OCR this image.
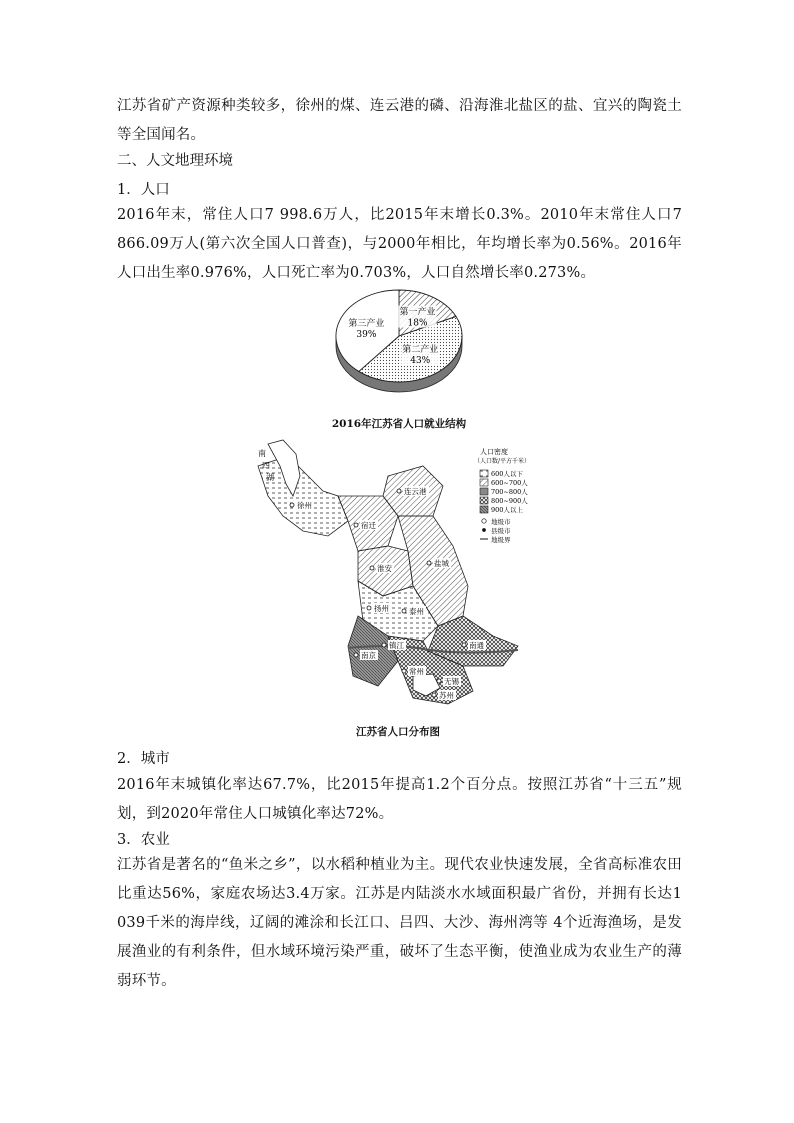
江苏省矿产资源种类较多，徐州的煤、连云港的磷、沿海淮北盐区的盐、宜兴的陶瓷土等全国闻名。
二、人文地理环境
1．人口
2016年末，常住人口7 998.6万人，比2015年末增长0.3%。2010年末常住人口7 866.09万人(第六次全国人口普查)，与2000年相比，年均增长率为0.56%。2016年人口出生率0.976%，人口死亡率为0.703%，人口自然增长率0.273%。
第一产业
18%
第二产业
43%
第三产业
39%
2016年江苏省人口就业结构
南
四
湖
连云港
徐州
宿迁
淮安
盐城
扬州	泰州
南通
南京
镇江
常州
无锡
苏州
人口密度
（人口数/平方千米）
600人以下
600~700人
700~800人
800~900人
900人以上
地级市
县级市
地级界
江苏省人口分布图
2．城市
2016年末城镇化率达67.7%，比2015年提高1.2个百分点。按照江苏省“十三五”规划，到2020年常住人口城镇化率达72%。
3．农业
江苏省是著名的“鱼米之乡”，以水稻种植业为主。现代农业快速发展，全省高标准农田比重达56%，家庭农场达3.4万家。江苏是内陆淡水水域面积最广省份，并拥有长达1 039千米的海岸线，辽阔的滩涂和长江口、吕四、大沙、海州湾等 4个近海渔场，是发展渔业的有利条件，但水域环境污染严重，破坏了生态平衡，使渔业成为农业生产的薄弱环节。
